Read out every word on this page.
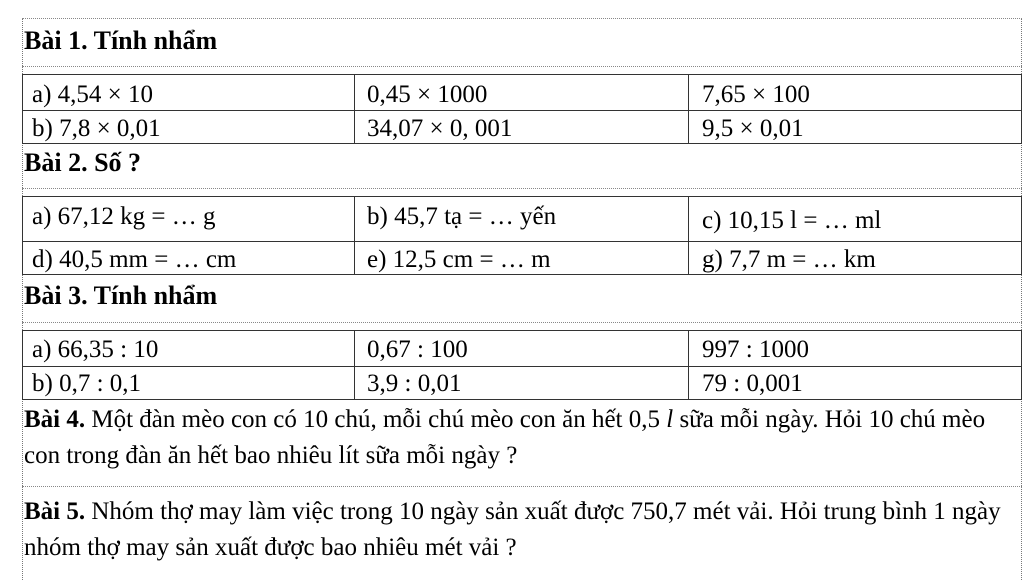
Bài 1. Tính nhẩm
a) 4,54 × 10	0,45 × 1000	7,65 × 100
b) 7,8 × 0,01	34,07 × 0, 001	9,5 × 0,01
Bài 2. Số ?
a) 67,12 kg = … g	b) 45,7 tạ = … yến	c) 10,15 l = … ml
d) 40,5 mm = … cm	e) 12,5 cm = … m	g) 7,7 m = … km
Bài 3. Tính nhẩm
a) 66,35 : 10	0,67 : 100	997 : 1000
b) 0,7 : 0,1	3,9 : 0,01	79 : 0,001
Bài 4. Một đàn mèo con có 10 chú, mỗi chú mèo con ăn hết 0,5 l sữa mỗi ngày. Hỏi 10 chú mèo con trong đàn ăn hết bao nhiêu lít sữa mỗi ngày ?
Bài 5. Nhóm thợ may làm việc trong 10 ngày sản xuất được 750,7 mét vải. Hỏi trung bình 1 ngày nhóm thợ may sản xuất được bao nhiêu mét vải ?
